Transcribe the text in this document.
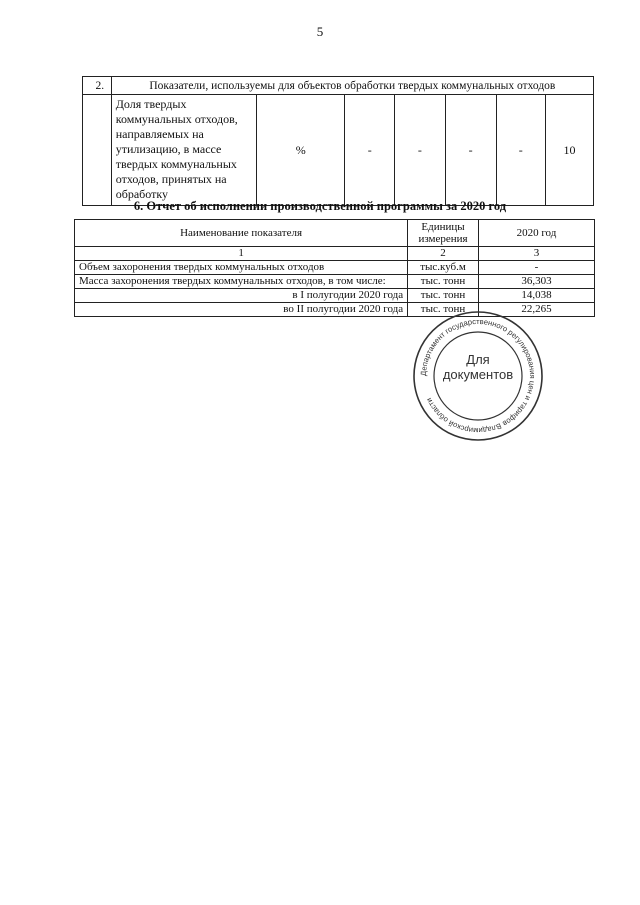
5
2.	Показатели, используемы для объектов обработки твердых коммунальных отходов						
	Доля твердых коммунальных отходов, направляемых на утилизацию, в массе твердых коммунальных отходов, принятых на обработку	%	-	-	-	-	10
6. Отчет об исполнении производственной программы за 2020 год
Наименование показателя	Единицы измерения	2020 год
1	2	3
Объем захоронения твердых коммунальных отходов	тыс.куб.м	-
Масса захоронения твердых коммунальных отходов, в том числе:	тыс. тонн	36,303
в I полугодии 2020 года	тыс. тонн	14,038
во II полугодии 2020 года	тыс. тонн	22,265
Департамент государственного регулирования цен и тарифов Владимирской области
Для
документов
